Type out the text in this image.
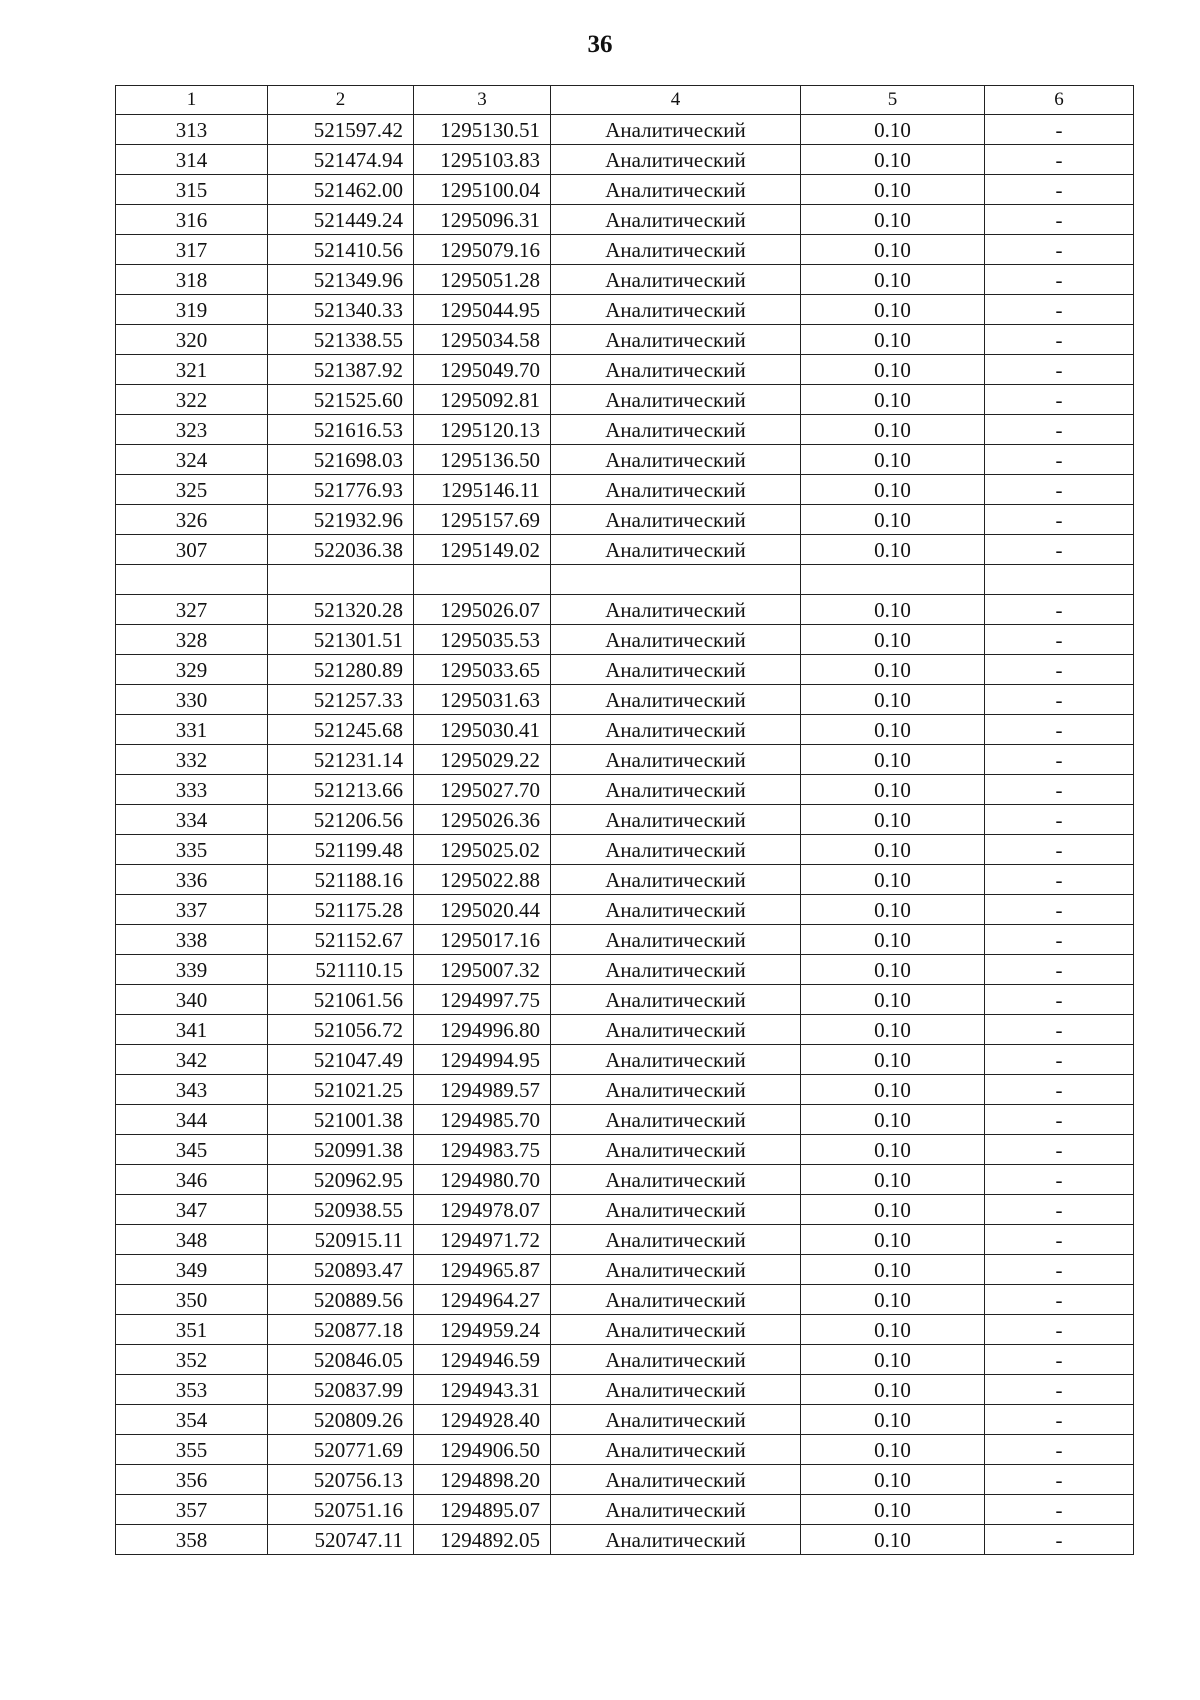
36
1	2	3	4	5	6
313	521597.42	1295130.51	Аналитический	0.10	-
314	521474.94	1295103.83	Аналитический	0.10	-
315	521462.00	1295100.04	Аналитический	0.10	-
316	521449.24	1295096.31	Аналитический	0.10	-
317	521410.56	1295079.16	Аналитический	0.10	-
318	521349.96	1295051.28	Аналитический	0.10	-
319	521340.33	1295044.95	Аналитический	0.10	-
320	521338.55	1295034.58	Аналитический	0.10	-
321	521387.92	1295049.70	Аналитический	0.10	-
322	521525.60	1295092.81	Аналитический	0.10	-
323	521616.53	1295120.13	Аналитический	0.10	-
324	521698.03	1295136.50	Аналитический	0.10	-
325	521776.93	1295146.11	Аналитический	0.10	-
326	521932.96	1295157.69	Аналитический	0.10	-
307	522036.38	1295149.02	Аналитический	0.10	-

327	521320.28	1295026.07	Аналитический	0.10	-
328	521301.51	1295035.53	Аналитический	0.10	-
329	521280.89	1295033.65	Аналитический	0.10	-
330	521257.33	1295031.63	Аналитический	0.10	-
331	521245.68	1295030.41	Аналитический	0.10	-
332	521231.14	1295029.22	Аналитический	0.10	-
333	521213.66	1295027.70	Аналитический	0.10	-
334	521206.56	1295026.36	Аналитический	0.10	-
335	521199.48	1295025.02	Аналитический	0.10	-
336	521188.16	1295022.88	Аналитический	0.10	-
337	521175.28	1295020.44	Аналитический	0.10	-
338	521152.67	1295017.16	Аналитический	0.10	-
339	521110.15	1295007.32	Аналитический	0.10	-
340	521061.56	1294997.75	Аналитический	0.10	-
341	521056.72	1294996.80	Аналитический	0.10	-
342	521047.49	1294994.95	Аналитический	0.10	-
343	521021.25	1294989.57	Аналитический	0.10	-
344	521001.38	1294985.70	Аналитический	0.10	-
345	520991.38	1294983.75	Аналитический	0.10	-
346	520962.95	1294980.70	Аналитический	0.10	-
347	520938.55	1294978.07	Аналитический	0.10	-
348	520915.11	1294971.72	Аналитический	0.10	-
349	520893.47	1294965.87	Аналитический	0.10	-
350	520889.56	1294964.27	Аналитический	0.10	-
351	520877.18	1294959.24	Аналитический	0.10	-
352	520846.05	1294946.59	Аналитический	0.10	-
353	520837.99	1294943.31	Аналитический	0.10	-
354	520809.26	1294928.40	Аналитический	0.10	-
355	520771.69	1294906.50	Аналитический	0.10	-
356	520756.13	1294898.20	Аналитический	0.10	-
357	520751.16	1294895.07	Аналитический	0.10	-
358	520747.11	1294892.05	Аналитический	0.10	-
